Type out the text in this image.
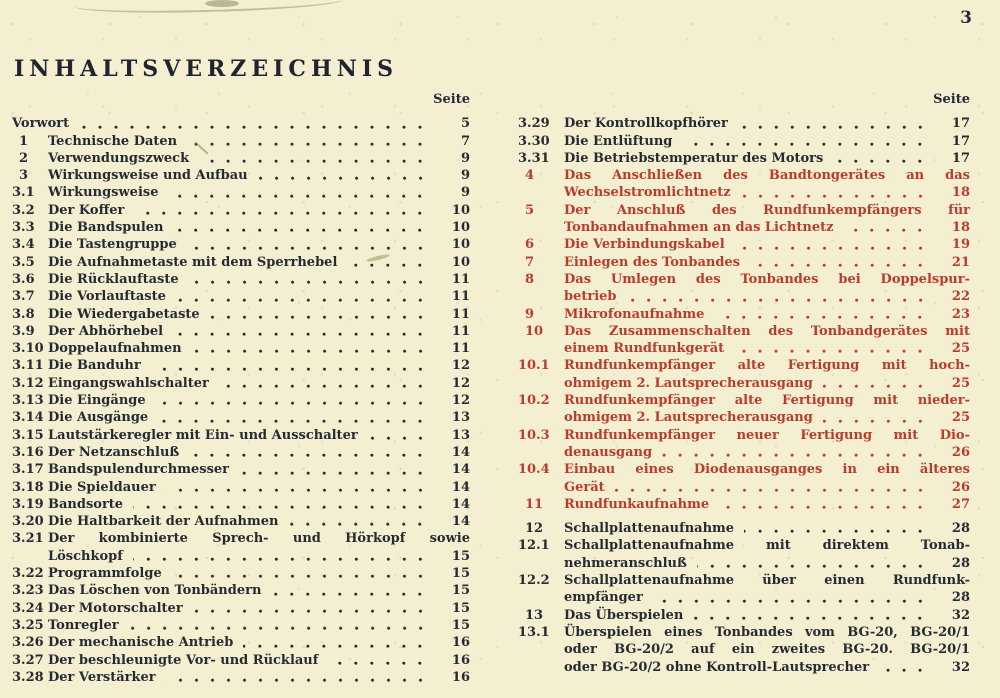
3
INHALTSVERZEICHNIS
Seite
Vorwort	5
1	Technische Daten	7
2	Verwendungszweck	9
3	Wirkungsweise und Aufbau	9
3.1	Wirkungsweise	9
3.2	Der Koffer	10
3.3	Die Bandspulen	10
3.4	Die Tastengruppe	10
3.5	Die Aufnahmetaste mit dem Sperrhebel	10
3.6	Die Rücklauftaste	11
3.7	Die Vorlauftaste	11
3.8	Die Wiedergabetaste	11
3.9	Der Abhörhebel	11
3.10 Doppelaufnahmen	11
3.11 Die Banduhr	12
3.12 Eingangswahlschalter	12
3.13 Die Eingänge	12
3.14 Die Ausgänge	13
3.15 Lautstärkeregler mit Ein- und Ausschalter	13
3.16 Der Netzanschluß	14
3.17 Bandspulendurchmesser	14
3.18 Die Spieldauer	14
3.19 Bandsorte	14
3.20 Die Haltbarkeit der Aufnahmen	14
3.21 Der kombinierte Sprech- und Hörkopf sowie
Löschkopf	15
3.22 Programmfolge	15
3.23 Das Löschen von Tonbändern	15
3.24 Der Motorschalter	15
3.25 Tonregler	15
3.26 Der mechanische Antrieb	16
3.27 Der beschleunigte Vor- und Rücklauf	16
3.28 Der Verstärker	16
Seite
3.29	Der Kontrollkopfhörer	17
3.30	Die Entlüftung	17
3.31	Die Betriebstemperatur des Motors	17
4	Das Anschließen des Bandtongerätes an das
Wechselstromlichtnetz	18
5	Der Anschluß des Rundfunkempfängers für
Tonbandaufnahmen an das Lichtnetz	18
6	Die Verbindungskabel	19
7	Einlegen des Tonbandes	21
8	Das Umlegen des Tonbandes bei Doppelspur-
betrieb	22
9	Mikrofonaufnahme	23
10	Das Zusammenschalten des Tonbandgerätes mit
einem Rundfunkgerät	25
10.1	Rundfunkempfänger alte Fertigung mit hoch-
ohmigem 2. Lautsprecherausgang	25
10.2	Rundfunkempfänger alte Fertigung mit nieder-
ohmigem 2. Lautsprecherausgang	25
10.3	Rundfunkempfänger neuer Fertigung mit Dio-
denausgang	26
10.4	Einbau eines Diodenausganges in ein älteres
Gerät	26
11	Rundfunkaufnahme	27
12	Schallplattenaufnahme	28
12.1	Schallplattenaufnahme mit direktem Tonab-
nehmeranschluß	28
12.2	Schallplattenaufnahme über einen Rundfunk-
empfänger	28
13	Das Überspielen	32
13.1	Überspielen eines Tonbandes vom BG-20, BG-20/1
oder BG-20/2 auf ein zweites BG-20. BG-20/1
oder BG-20/2 ohne Kontroll-Lautsprecher	32
